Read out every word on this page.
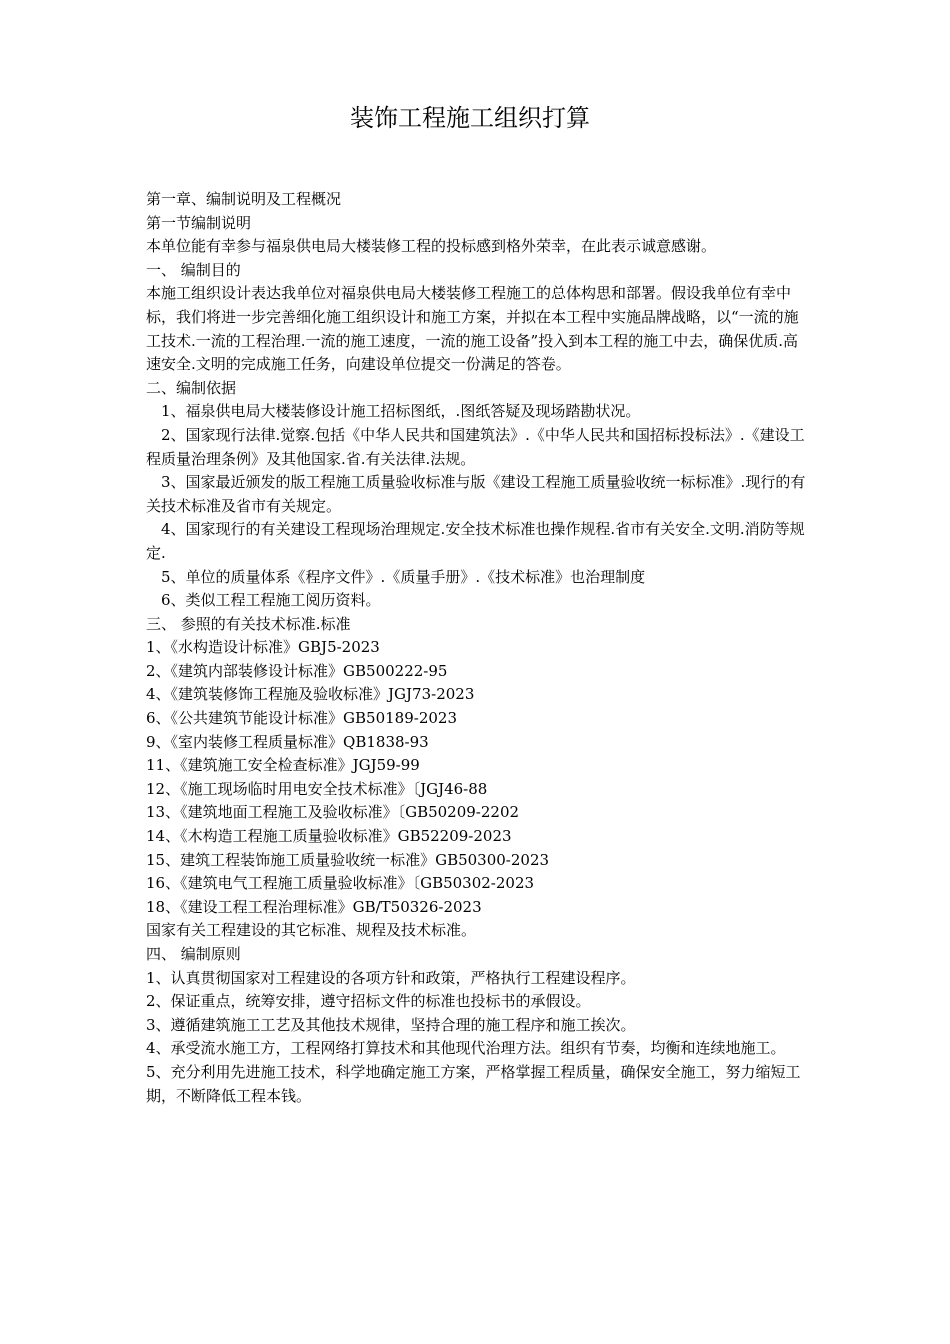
装饰工程施工组织打算

第一章、编制说明及工程概况

第一节编制说明

本单位能有幸参与福泉供电局大楼装修工程的投标感到格外荣幸，在此表示诚意感谢。

一、 编制目的

本施工组织设计表达我单位对福泉供电局大楼装修工程施工的总体构思和部署。假设我单位有幸中标，我们将进一步完善细化施工组织设计和施工方案，并拟在本工程中实施品牌战略，以“一流的施工技术.一流的工程治理.一流的施工速度，一流的施工设备”投入到本工程的施工中去，确保优质.高速安全.文明的完成施工任务，向建设单位提交一份满足的答卷。

二、编制依据

1、福泉供电局大楼装修设计施工招标图纸，.图纸答疑及现场踏勘状况。

2、国家现行法律.觉察.包括《中华人民共和国建筑法》.《中华人民共和国招标投标法》.《建设工程质量治理条例》及其他国家.省.有关法律.法规。

3、国家最近颁发的版工程施工质量验收标准与版《建设工程施工质量验收统一标标准》.现行的有关技术标准及省市有关规定。

4、国家现行的有关建设工程现场治理规定.安全技术标准也操作规程.省市有关安全.文明.消防等规定.

5、单位的质量体系《程序文件》.《质量手册》.《技术标准》也治理制度

6、类似工程工程施工阅历资料。

三、 参照的有关技术标准.标准

1、《水构造设计标准》GBJ5-2023

2、《建筑内部装修设计标准》GB500222-95

4、《建筑装修饰工程施及验收标准》JGJ73-2023

6、《公共建筑节能设计标准》GB50189-2023

9、《室内装修工程质量标准》QB1838-93

11、《建筑施工安全检查标准》JGJ59-99

12、《施工现场临时用电安全技术标准》〔JGJ46-88

13、《建筑地面工程施工及验收标准》〔GB50209-2202

14、《木构造工程施工质量验收标准》GB52209-2023

15、建筑工程装饰施工质量验收统一标准》GB50300-2023

16、《建筑电气工程施工质量验收标准》〔GB50302-2023

18、《建设工程工程治理标准》GB/T50326-2023

国家有关工程建设的其它标准、规程及技术标准。

四、 编制原则

1、认真贯彻国家对工程建设的各项方针和政策，严格执行工程建设程序。

2、保证重点，统筹安排，遵守招标文件的标准也投标书的承假设。

3、遵循建筑施工工艺及其他技术规律，坚持合理的施工程序和施工挨次。

4、承受流水施工方，工程网络打算技术和其他现代治理方法。组织有节奏，均衡和连续地施工。

5、充分利用先进施工技术，科学地确定施工方案，严格掌握工程质量，确保安全施工，努力缩短工期，不断降低工程本钱。
